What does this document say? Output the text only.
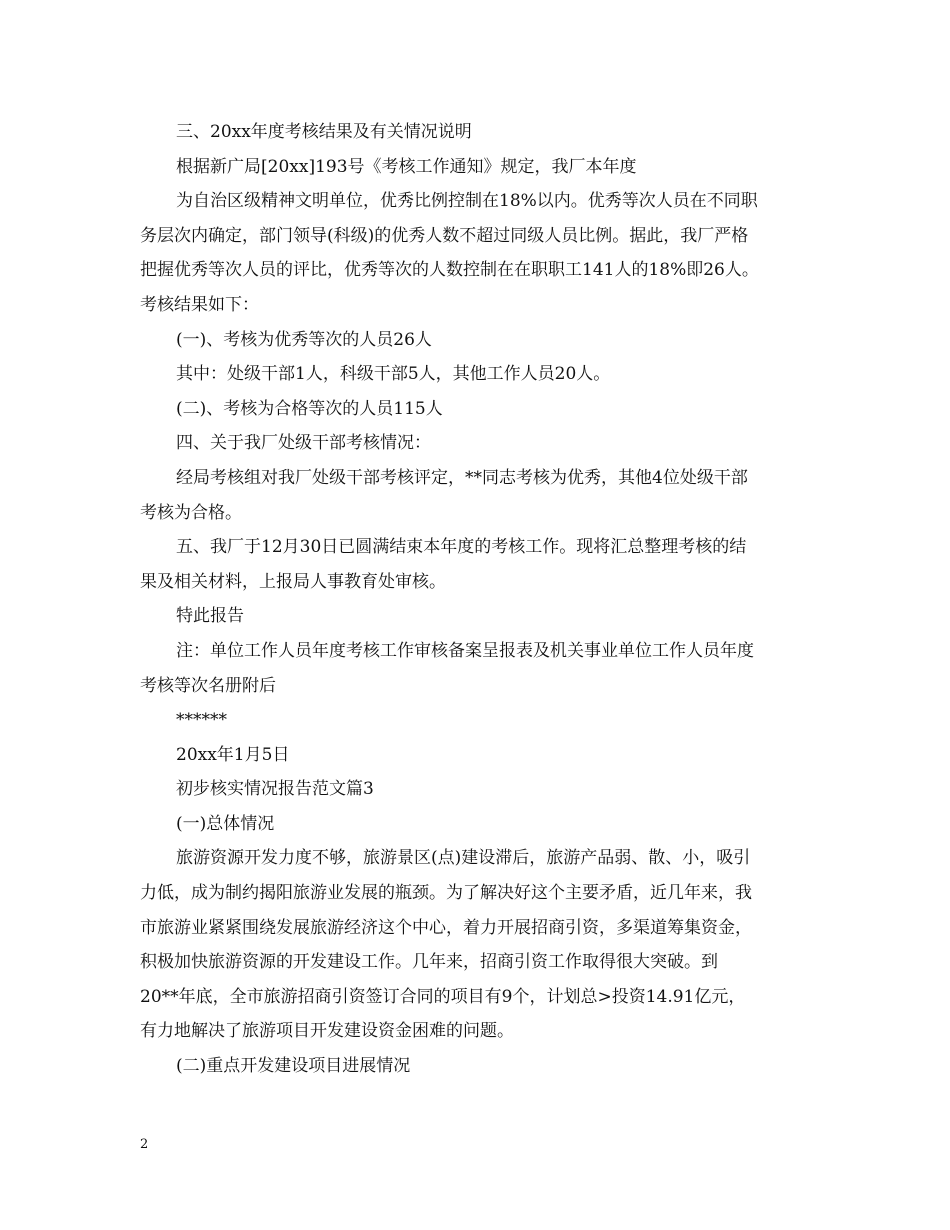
三、20xx年度考核结果及有关情况说明

根据新广局[20xx]193号《考核工作通知》规定，我厂本年度

为自治区级精神文明单位，优秀比例控制在18%以内。优秀等次人员在不同职

务层次内确定，部门领导(科级)的优秀人数不超过同级人员比例。据此，我厂严格

把握优秀等次人员的评比，优秀等次的人数控制在在职职工141人的18%即26人。

考核结果如下：

(一)、考核为优秀等次的人员26人

其中：处级干部1人，科级干部5人，其他工作人员20人。

(二)、考核为合格等次的人员115人

四、关于我厂处级干部考核情况：

经局考核组对我厂处级干部考核评定，**同志考核为优秀，其他4位处级干部

考核为合格。

五、我厂于12月30日已圆满结束本年度的考核工作。现将汇总整理考核的结

果及相关材料，上报局人事教育处审核。

特此报告

注：单位工作人员年度考核工作审核备案呈报表及机关事业单位工作人员年度

考核等次名册附后

******

20xx年1月5日

初步核实情况报告范文篇3

(一)总体情况

旅游资源开发力度不够，旅游景区(点)建设滞后，旅游产品弱、散、小，吸引

力低，成为制约揭阳旅游业发展的瓶颈。为了解决好这个主要矛盾，近几年来，我

市旅游业紧紧围绕发展旅游经济这个中心，着力开展招商引资，多渠道筹集资金，

积极加快旅游资源的开发建设工作。几年来，招商引资工作取得很大突破。到

20**年底，全市旅游招商引资签订合同的项目有9个，计划总>投资14.91亿元，

有力地解决了旅游项目开发建设资金困难的问题。

(二)重点开发建设项目进展情况

2
